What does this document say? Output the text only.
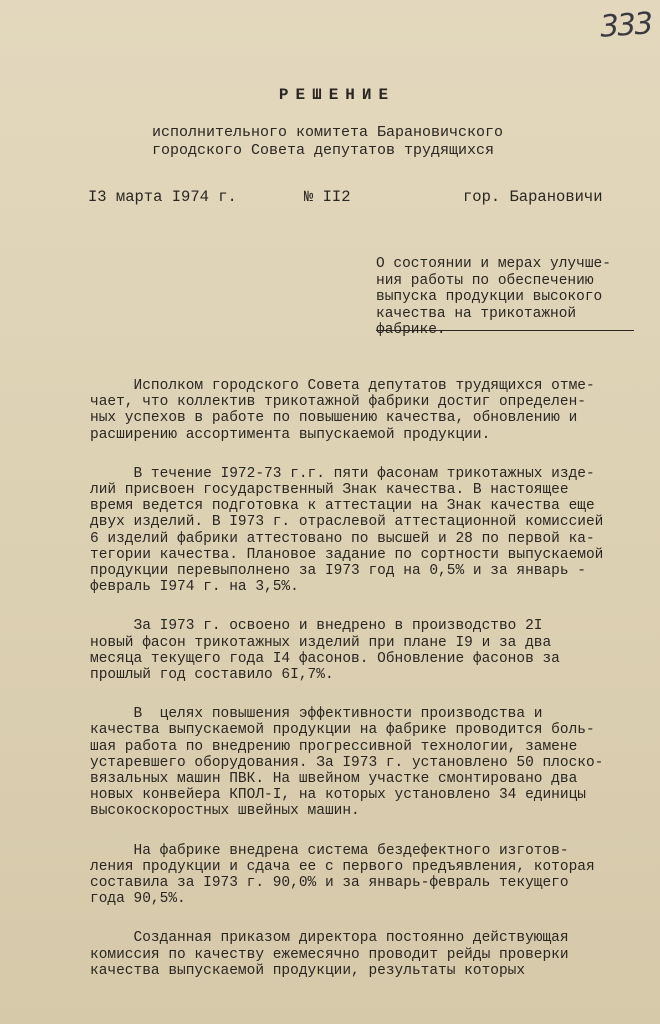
333
РЕШЕНИЕ
исполнительного комитета Барановичского
городского Совета депутатов трудящихся
I3 марта I974 г.	№ II2	гор. Барановичи
О состоянии и мерах улучше-
ния работы по обеспечению
выпуска продукции высокого
качества на трикотажной
фабрике.
Исполком городского Совета депутатов трудящихся отме-
чает, что коллектив трикотажной фабрики достиг определен-
ных успехов в работе по повышению качества, обновлению и
расширению ассортимента выпускаемой продукции.
В течение I972-73 г.г. пяти фасонам трикотажных изде-
лий присвоен государственный Знак качества. В настоящее
время ведется подготовка к аттестации на Знак качества еще
двух изделий. В I973 г. отраслевой аттестационной комиссией
6 изделий фабрики аттестовано по высшей и 28 по первой ка-
тегории качества. Плановое задание по сортности выпускаемой
продукции перевыполнено за I973 год на 0,5% и за январь -
февраль I974 г. на 3,5%.
За I973 г. освоено и внедрено в производство 2I
новый фасон трикотажных изделий при плане I9 и за два
месяца текущего года I4 фасонов. Обновление фасонов за
прошлый год составило 6I,7%.
В  целях повышения эффективности производства и
качества выпускаемой продукции на фабрике проводится боль-
шая работа по внедрению прогрессивной технологии, замене
устаревшего оборудования. За I973 г. установлено 50 плоско-
вязальных машин ПВК. На швейном участке смонтировано два
новых конвейера КПОЛ-I, на которых установлено 34 единицы
высокоскоростных швейных машин.
На фабрике внедрена система бездефектного изготов-
ления продукции и сдача ее с первого предъявления, которая
составила за I973 г. 90,0% и за январь-февраль текущего
года 90,5%.
Созданная приказом директора постоянно действующая
комиссия по качеству ежемесячно проводит рейды проверки
качества выпускаемой продукции, результаты которых
